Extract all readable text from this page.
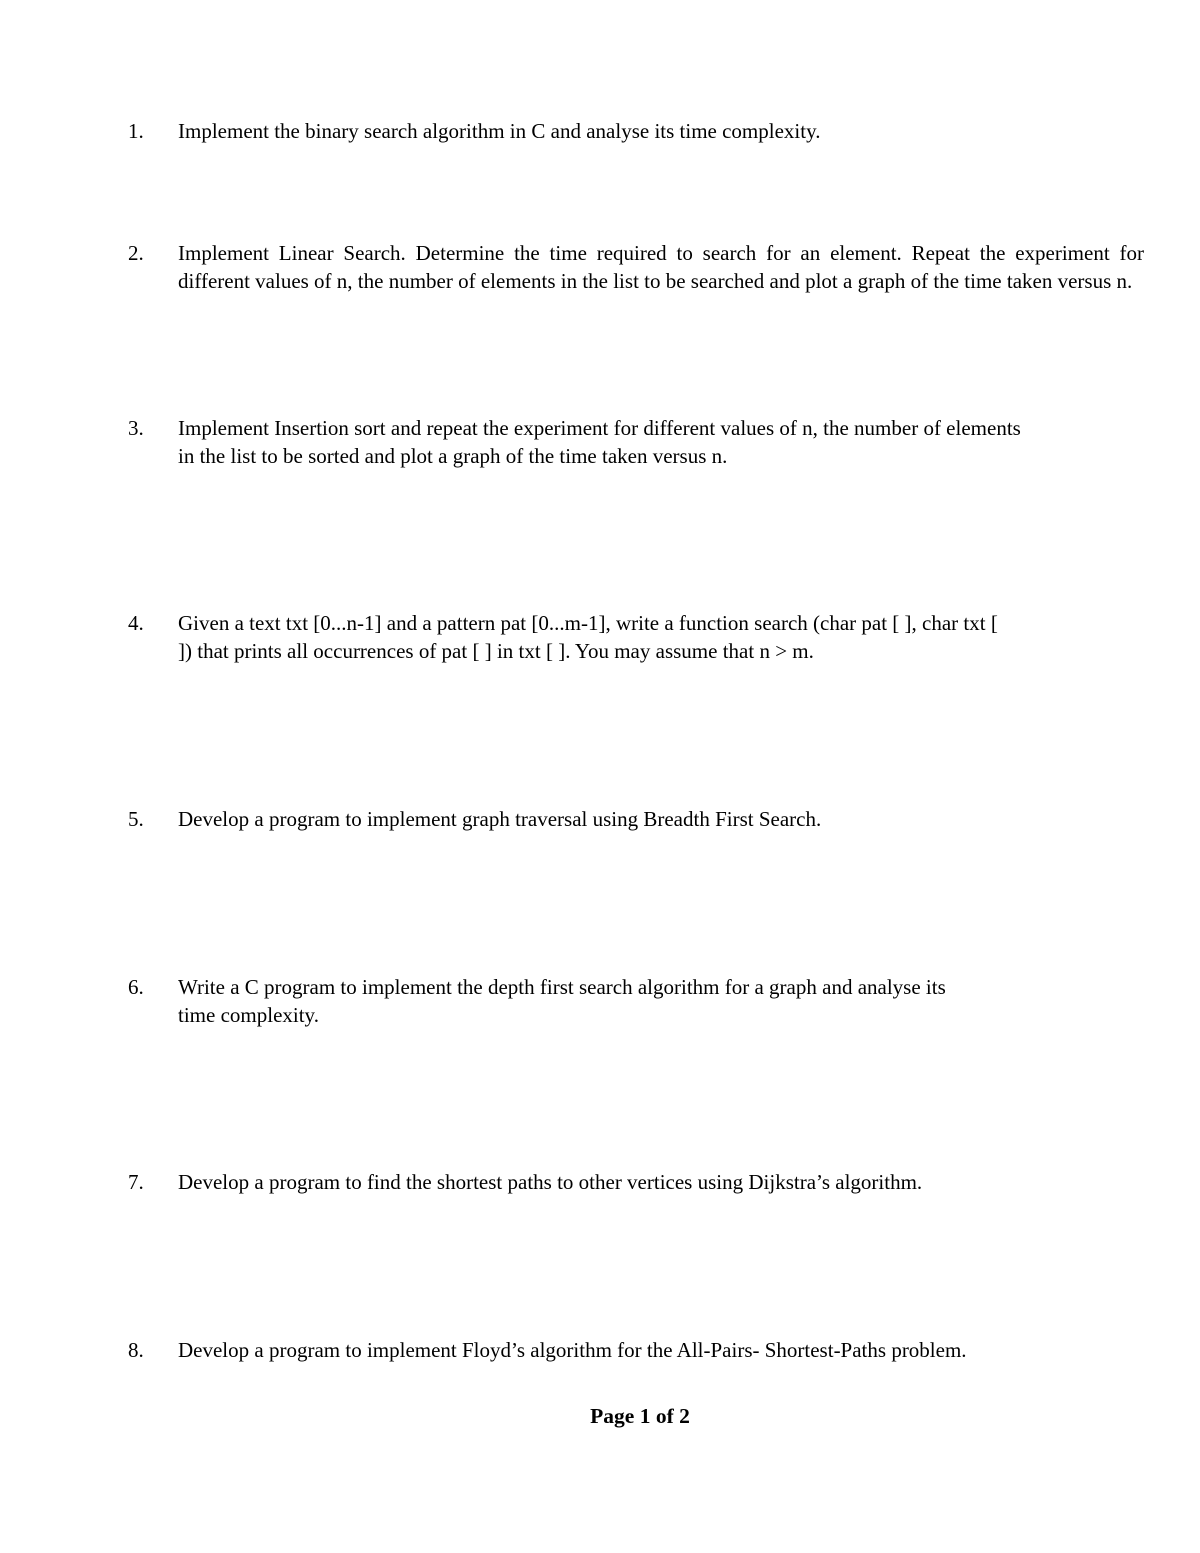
1. Implement the binary search algorithm in C and analyse its time complexity.
2. Implement Linear Search. Determine the time required to search for an element. Repeat the experiment for different values of n, the number of elements in the list to be searched and plot a graph of the time taken versus n.
3. Implement Insertion sort and repeat the experiment for different values of n, the number of elements
in the list to be sorted and plot a graph of the time taken versus n.
4. Given a text txt [0...n-1] and a pattern pat [0...m-1], write a function search (char pat [ ], char txt [
]) that prints all occurrences of pat [ ] in txt [ ]. You may assume that n > m.
5. Develop a program to implement graph traversal using Breadth First Search.
6. Write a C program to implement the depth first search algorithm for a graph and analyse its
time complexity.
7. Develop a program to find the shortest paths to other vertices using Dijkstra’s algorithm.
8. Develop a program to implement Floyd’s algorithm for the All-Pairs- Shortest-Paths problem.
Page 1 of 2
